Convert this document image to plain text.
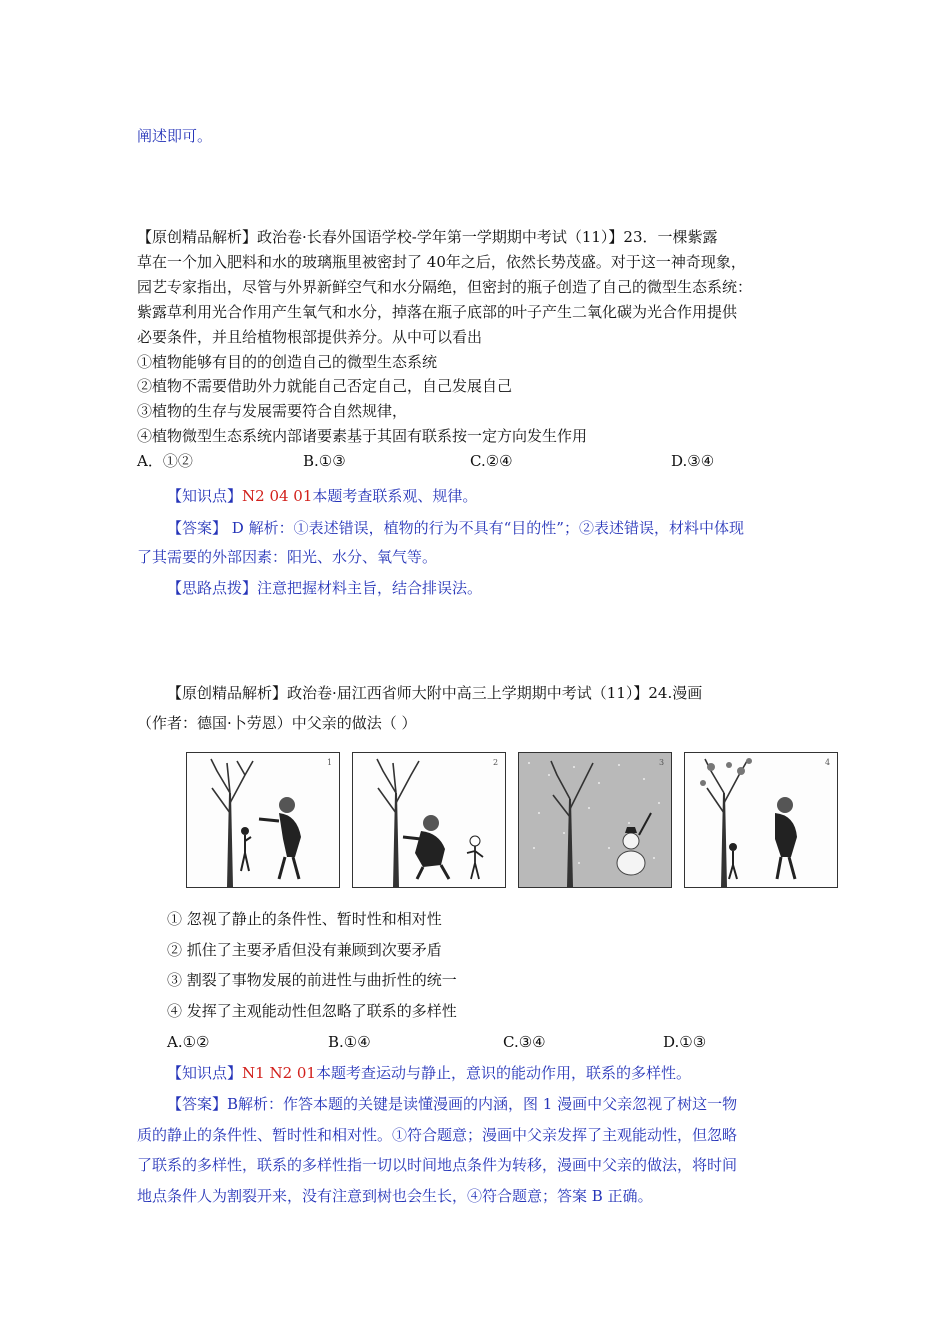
阐述即可。
【原创精品解析】政治卷·长春外国语学校-学年第一学期期中考试（11）】23．一棵紫露
草在一个加入肥料和水的玻璃瓶里被密封了 40年之后，依然长势茂盛。对于这一神奇现象，
园艺专家指出，尽管与外界新鲜空气和水分隔绝，但密封的瓶子创造了自己的微型生态系统：
紫露草利用光合作用产生氧气和水分，掉落在瓶子底部的叶子产生二氧化碳为光合作用提供
必要条件，并且给植物根部提供养分。从中可以看出
①植物能够有目的的创造自己的微型生态系统
②植物不需要借助外力就能自己否定自己，自己发展自己
③植物的生存与发展需要符合自然规律，
④植物微型生态系统内部诸要素基于其固有联系按一定方向发生作用
A．①②	B.①③	C.②④	D.③④
【知识点】N2 04 01本题考查联系观、规律。
【答案】 D 解析：①表述错误，植物的行为不具有“目的性”；②表述错误，材料中体现
了其需要的外部因素：阳光、水分、氧气等。
【思路点拨】注意把握材料主旨，结合排误法。
【原创精品解析】政治卷·届江西省师大附中高三上学期期中考试（11）】24.漫画
（作者：德国·卜劳恩）中父亲的做法（ ）
1	2	3	4
① 忽视了静止的条件性、暂时性和相对性
② 抓住了主要矛盾但没有兼顾到次要矛盾
③ 割裂了事物发展的前进性与曲折性的统一
④ 发挥了主观能动性但忽略了联系的多样性
A.①②	B.①④	C.③④	D.①③
【知识点】N1 N2 01本题考查运动与静止，意识的能动作用，联系的多样性。
【答案】B解析：作答本题的关键是读懂漫画的内涵，图 1 漫画中父亲忽视了树这一物
质的静止的条件性、暂时性和相对性。①符合题意；漫画中父亲发挥了主观能动性，但忽略
了联系的多样性，联系的多样性指一切以时间地点条件为转移，漫画中父亲的做法，将时间
地点条件人为割裂开来，没有注意到树也会生长，④符合题意；答案 B 正确。
